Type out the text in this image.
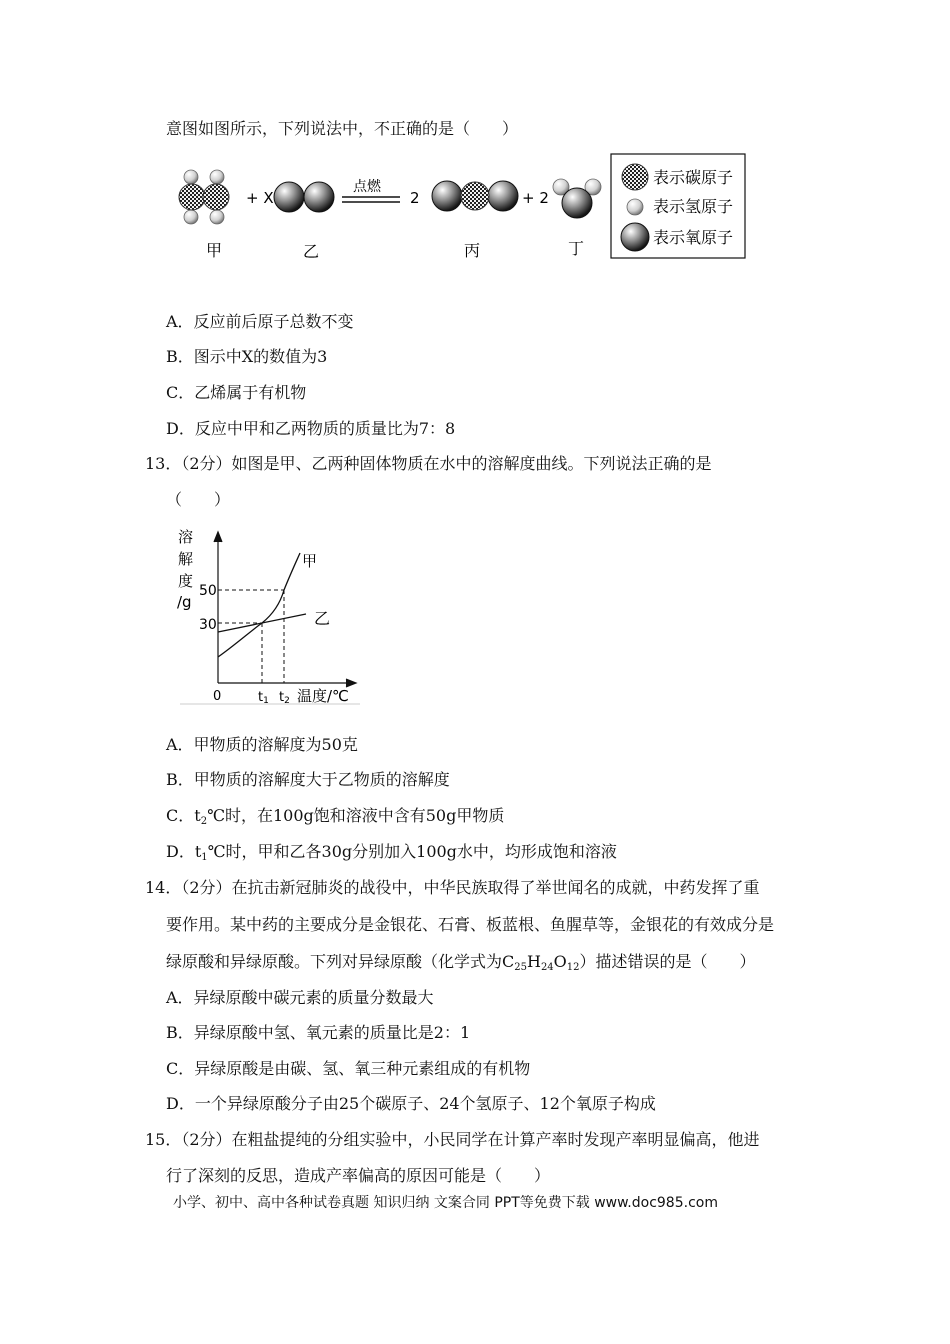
意图如图所示，下列说法中，不正确的是（　　）
+ X
点燃
2	+ 2
甲	乙	丙	丁
表示碳原子
表示氢原子
表示氧原子
A．反应前后原子总数不变
B．图示中X的数值为3
C．乙烯属于有机物
D．反应中甲和乙两物质的质量比为7：8
13．（2分）如图是甲、乙两种固体物质在水中的溶解度曲线。下列说法正确的是
（　　）
溶
解
度
/g
50
30
甲
乙
0	t1 t2 温度/℃
A．甲物质的溶解度为50克
B．甲物质的溶解度大于乙物质的溶解度
C．$t_2℃$时，在100g饱和溶液中含有50g甲物质
D．$t_1℃$时，甲和乙各30g分别加入100g水中，均形成饱和溶液
14．（2分）在抗击新冠肺炎的战役中，中华民族取得了举世闻名的成就，中药发挥了重
要作用。某中药的主要成分是金银花、石膏、板蓝根、鱼腥草等，金银花的有效成分是
绿原酸和异绿原酸。下列对异绿原酸（化学式为$C_{25}H_{24}O_{12}$）描述错误的是（　　）
A．异绿原酸中碳元素的质量分数最大
B．异绿原酸中氢、氧元素的质量比是2：1
C．异绿原酸是由碳、氢、氧三种元素组成的有机物
D．一个异绿原酸分子由25个碳原子、24个氢原子、12个氧原子构成
15．（2分）在粗盐提纯的分组实验中，小民同学在计算产率时发现产率明显偏高，他进
行了深刻的反思，造成产率偏高的原因可能是（　　）
小学、初中、高中各种试卷真题 知识归纳 文案合同 PPT等免费下载 www.doc985.com
